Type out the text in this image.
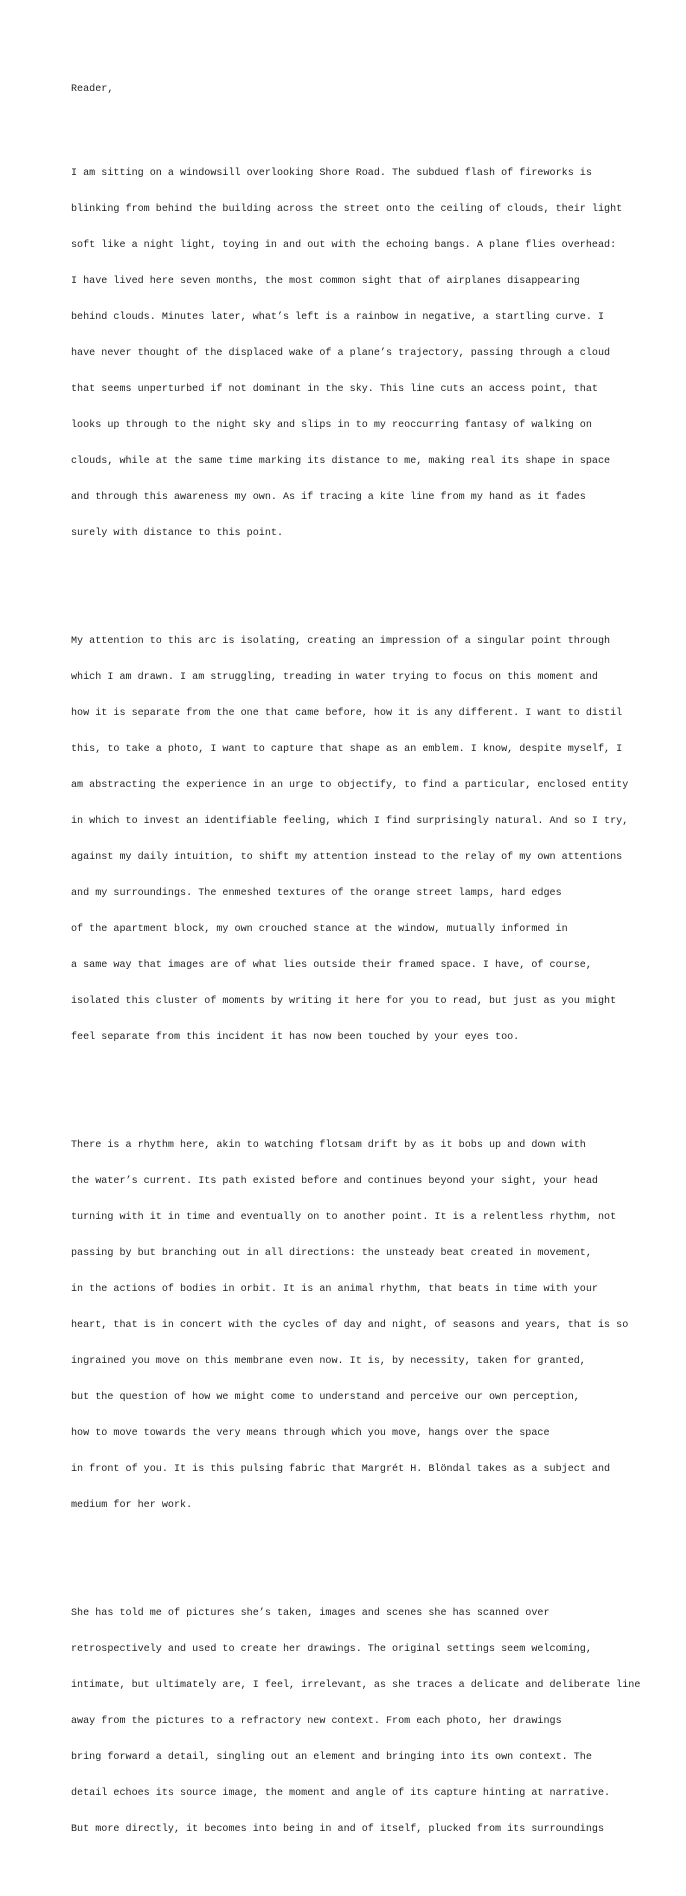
Reader,

I am sitting on a windowsill overlooking Shore Road. The subdued flash of fireworks is

blinking from behind the building across the street onto the ceiling of clouds, their light

soft like a night light, toying in and out with the echoing bangs. A plane flies overhead:

I have lived here seven months, the most common sight that of airplanes disappearing

behind clouds. Minutes later, what’s left is a rainbow in negative, a startling curve. I

have never thought of the displaced wake of a plane’s trajectory, passing through a cloud

that seems unperturbed if not dominant in the sky. This line cuts an access point, that

looks up through to the night sky and slips in to my reoccurring fantasy of walking on

clouds, while at the same time marking its distance to me, making real its shape in space

and through this awareness my own. As if tracing a kite line from my hand as it fades

surely with distance to this point.

My attention to this arc is isolating, creating an impression of a singular point through

which I am drawn. I am struggling, treading in water trying to focus on this moment and

how it is separate from the one that came before, how it is any different. I want to distil

this, to take a photo, I want to capture that shape as an emblem. I know, despite myself, I

am abstracting the experience in an urge to objectify, to find a particular, enclosed entity

in which to invest an identifiable feeling, which I find surprisingly natural. And so I try,

against my daily intuition, to shift my attention instead to the relay of my own attentions

and my surroundings. The enmeshed textures of the orange street lamps, hard edges

of the apartment block, my own crouched stance at the window, mutually informed in

a same way that images are of what lies outside their framed space. I have, of course,

isolated this cluster of moments by writing it here for you to read, but just as you might

feel separate from this incident it has now been touched by your eyes too.

There is a rhythm here, akin to watching flotsam drift by as it bobs up and down with

the water’s current. Its path existed before and continues beyond your sight, your head

turning with it in time and eventually on to another point. It is a relentless rhythm, not

passing by but branching out in all directions: the unsteady beat created in movement,

in the actions of bodies in orbit. It is an animal rhythm, that beats in time with your

heart, that is in concert with the cycles of day and night, of seasons and years, that is so

ingrained you move on this membrane even now. It is, by necessity, taken for granted,

but the question of how we might come to understand and perceive our own perception,

how to move towards the very means through which you move, hangs over the space

in front of you. It is this pulsing fabric that Margrét H. Blöndal takes as a subject and

medium for her work.

She has told me of pictures she’s taken, images and scenes she has scanned over

retrospectively and used to create her drawings. The original settings seem welcoming,

intimate, but ultimately are, I feel, irrelevant, as she traces a delicate and deliberate line

away from the pictures to a refractory new context. From each photo, her drawings

bring forward a detail, singling out an element and bringing into its own context. The

detail echoes its source image, the moment and angle of its capture hinting at narrative.

But more directly, it becomes into being in and of itself, plucked from its surroundings
